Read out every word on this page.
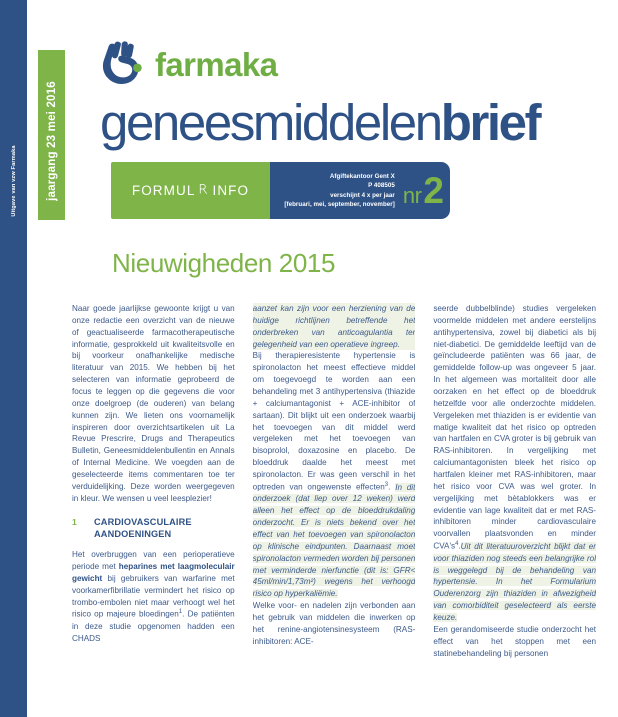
Uitgave van vzw Farmaka	jaargang 23 mei 2016
farmaka
geneesmiddelenbrief
FORMUL INFO
Afgiftekantoor Gent X
P 408505
verschijnt 4 x per jaar
[februari, mei, september, november] nr 2
Nieuwigheden 2015

Naar goede jaarlijkse gewoonte krijgt u van onze redactie een overzicht van de nieuwe of geactualiseerde farmacotherapeutische informatie, gesprokkeld uit kwaliteitsvolle en bij voorkeur onafhankelijke medische literatuur van 2015. We hebben bij het selecteren van informatie geprobeerd de focus te leggen op die gegevens die voor onze doelgroep (de ouderen) van belang kunnen zijn. We lieten ons voornamelijk inspireren door overzichtsartikelen uit La Revue Prescrire, Drugs and Therapeutics Bulletin, Geneesmiddelenbullentin en Annals of Internal Medicine. We voegden aan de geselecteerde items commentaren toe ter verduidelijking. Deze worden weergegeven in kleur. We wensen u veel leesplezier!

1	CARDIOVASCULAIRE AANDOENINGEN

Het overbruggen van een perioperatieve periode met heparines met laagmoleculair gewicht bij gebruikers van warfarine met voorkamerfibrillatie vermindert het risico op trombo-embolen niet maar verhoogt wel het risico op majeure bloedingen$^1$. De patiënten in deze studie opgenomen hadden een CHADS

aanzet kan zijn voor een herziening van de huidige richtlijnen betreffende het onderbreken van anticoagulantia ter gelegenheid van een operatieve ingreep.

Bij therapieresistente hypertensie is spironolacton het meest effectieve middel om toegevoegd te worden aan een behandeling met 3 antihypertensiva (thiazide + calciumantagonist + ACE-inhibitor of sartaan). Dit blijkt uit een onderzoek waarbij het toevoegen van dit middel werd vergeleken met het toevoegen van bisoprolol, doxazosine en placebo. De bloeddruk daalde het meest met spironolacton. Er was geen verschil in het optreden van ongewenste effecten$^3$. In dit onderzoek (dat liep over 12 weken) werd alleen het effect op de bloeddrukdaling onderzocht. Er is niets bekend over het effect van het toevoegen van spironolacton op klinische eindpunten. Daarnaast moet spironolacton vermeden worden bij personen met verminderde nierfunctie (dit is: GFR< 45ml/min/1,73m²) wegens het verhoogd risico op hyperkaliëmie.

Welke voor- en nadelen zijn verbonden aan het gebruik van middelen die inwerken op het renine-angiotensinesysteem (RAS-inhibitoren: ACE-

seerde dubbelblinde) studies vergeleken voormelde middelen met andere eerstelijns antihypertensiva, zowel bij diabetici als bij niet-diabetici. De gemiddelde leeftijd van de geïncludeerde patiënten was 66 jaar, de gemiddelde follow-up was ongeveer 5 jaar. In het algemeen was mortaliteit door alle oorzaken en het effect op de bloeddruk hetzelfde voor alle onderzochte middelen. Vergeleken met thiaziden is er evidentie van matige kwaliteit dat het risico op optreden van hartfalen en CVA groter is bij gebruik van RAS-inhibitoren. In vergelijking met calciumantagonisten bleek het risico op hartfalen kleiner met RAS-inhibitoren, maar het risico voor CVA was wel groter. In vergelijking met bètablokkers was er evidentie van lage kwaliteit dat er met RAS-inhibitoren minder cardiovasculaire voorvallen plaatsvonden en minder $CVA's^4.Uit$ dit literatuuroverzicht blijkt dat er voor thiaziden nog steeds een belangrijke rol is weggelegd bij de behandeling van hypertensie. In het Formularium Ouderenzorg zijn thiaziden in afwezigheid van comorbiditeit geselecteerd als eerste keuze.

Een gerandomiseerde studie onderzocht het effect van het stoppen met een statinebehandeling bij personen
